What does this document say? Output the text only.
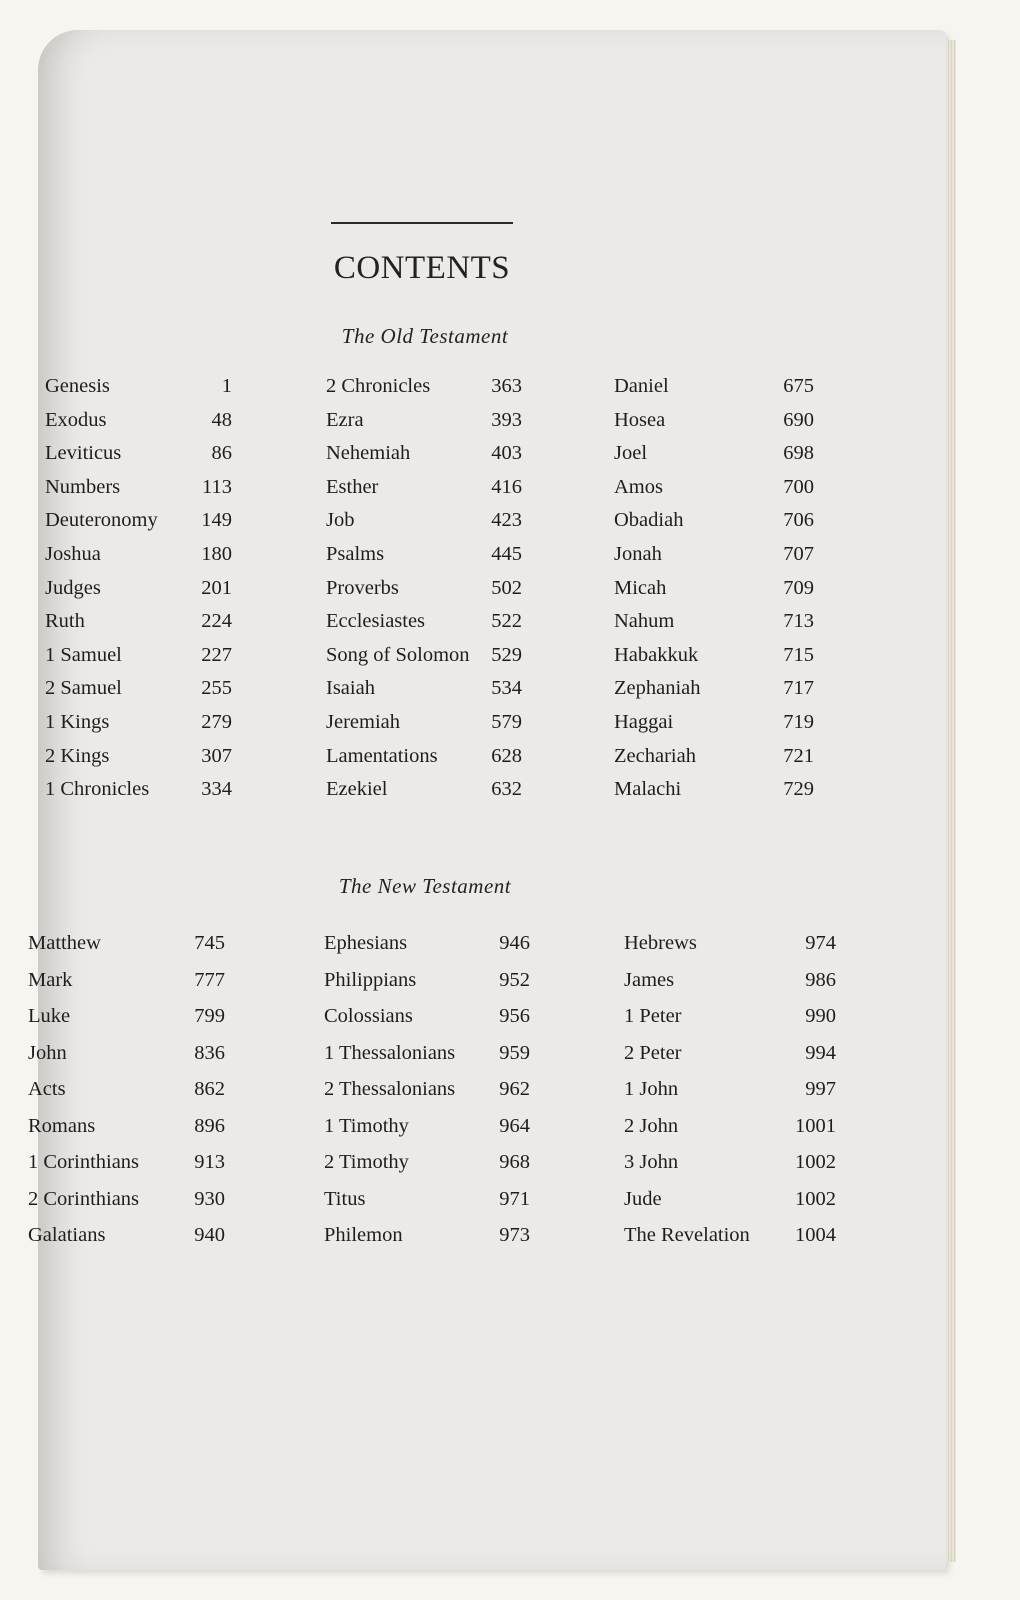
CONTENTS
The Old Testament
Genesis	1
Exodus	48
Leviticus	86
Numbers	113
Deuteronomy 149
Joshua	180
Judges	201
Ruth	224
1 Samuel	227
2 Samuel	255
1 Kings	279
2 Kings	307
1 Chronicles	334
2 Chronicles	363
Ezra	393
Nehemiah	403
Esther	416
Job	423
Psalms	445
Proverbs	502
Ecclesiastes	522
Song of Solomon 529
Isaiah	534
Jeremiah	579
Lamentations	628
Ezekiel	632
Daniel	675
Hosea	690
Joel	698
Amos	700
Obadiah	706
Jonah	707
Micah	709
Nahum	713
Habakkuk	715
Zephaniah	717
Haggai	719
Zechariah	721
Malachi	729
The New Testament
Matthew	745
Mark	777
Luke	799
John	836
Acts	862
Romans	896
1 Corinthians	913
2 Corinthians	930
Galatians	940
Ephesians	946
Philippians	952
Colossians	956
1 Thessalonians 959
2 Thessalonians 962
1 Timothy	964
2 Timothy	968
Titus	971
Philemon	973
Hebrews	974
James	986
1 Peter	990
2 Peter	994
1 John	997
2 John	1001
3 John	1002
Jude	1002
The Revelation 1004
